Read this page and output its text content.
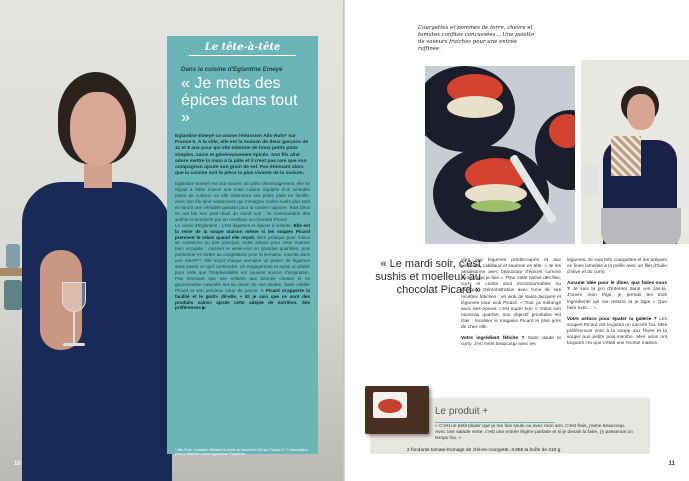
Le tête-à-tête
Dans la cuisine d'Eglantine Emeyé
« Je mets des épices dans tout »

Eglantine Emeyé co-anime l'émission Allo Rufo* sur France 5. À la ville, elle est la maman de deux garçons de 11 et 8 ans pour qui elle mitonne de bons petits plats simples, sains et généreusement épicés. Son fils aîné adore mettre la main à la pâte et il n'est pas rare que son compagnon ajoute son grain de sel. Pas étonnant alors que la cuisine soit la pièce la plus vivante de la maison.

Eglantine Emeyé est tout sourire. En plein déménagement, elle se réjouit à l'idée d'avoir une vraie cuisine équipée d'un véritable piano de cuisson où elle mitonnera ses petits plats en famille. Avec son fils aîné notamment qui s'imagine maître-sushi plus tard et nourrit une véritable passion pour la cuisine nippone. Tous deux en ont fait leur petit rituel du mardi soir : ils commandent des sushis et terminent par un moelleux au chocolat Picard.
Le credo d'Eglantine : c'est légumes et épices à volonté. Elle est la reine de la soupe maison même si les soupes Picard prennent le relais quand elle reçoit. Bien pratique pour mieux se consacrer au plat principal. Autre astuce pour cette maman bien occupée : cuisiner le week-end en grandes quantités, puis portionner et mettre au congélateur pour la semaine. Inscrite dans une AMAP**, elle reçoit chaque semaine un panier de légumes sans savoir ce qu'il contiendra. Un engagement et aussi un plaisir pour celle que l'imprévisibilité est souvent source d'inspiration. Pas étonnant que ses enfants aux bonnes choses et sa gourmandise naturelle ont sa raison de ses doutes. Sans oublier Picard et son précieux coup de pouce. « Picard m'apporte la facilité et le goût» dit-elle. « Et je sais que ce sont des produits sains» ajoute cette adepte de nutrition. Ses préférences ▶

* Allo Rufo, émission diffusée du lundi au samedi à 10h sur France 5. ** Association pour le Maintien d'une Agriculture Paysanne
10
Courgettes et pommes de terre, chèvre et tomates confites concassées... Une palette de saveurs fraîches pour une entrée raffinée.
« Le mardi soir, c'est sushis et moelleux au chocolat Picard »

vont aux légumes prédécoupés et aux poissons, cabillaud et saumon en tête. « Je les assaisonne avec beaucoup d'épices comme tout ce que je fais ». Pour cette native des îles, curry et cumin sont incontournables ou presque. Démonstration avec l'une de ses recettes fétiches : un wok de Saint-Jacques et légumes pour wok Picard. « Tout ça mélangé avec des épices, c'est super bon ». Dans son nouveau quartier, son objectif prioritaire est clair : localiser le magasin Picard le plus près de chez elle.

Votre ingrédient fétiche ? Sans doute le curry. J'en mets beaucoup avec les

légumes. Je suis très courgettes et les prépare en fines lamelles à la poêle avec un filet d'huile d'olive et du curry.

Aucune idée pour le dîner, que faites-vous ? Je suis la pro d'Internet dans ces cas-là. J'ouvre mon frigo, je prends les trois ingrédients qui me restent et je tape « Que faire avec... ».

Votre astuce pour épater la galerie ? Les soupes Picard ont toujours un succès fou. Mes préférences vont à la soupe aux fèves et la soupe aux petits pois-menthe. Mes amis ont toujours cru que c'était une recette maison.

Le produit +
« C'est un petit plaisir que je me fais seule ou avec mon ami. C'est frais, j'aime beaucoup. Avec une salade verte, c'est une entrée légère parfaite et si je devais la faire, j'y passerais un temps fou. »
2 fondants tomate-fromage de chèvre-courgette, 3,95€ la boîte de 210 g.
11
